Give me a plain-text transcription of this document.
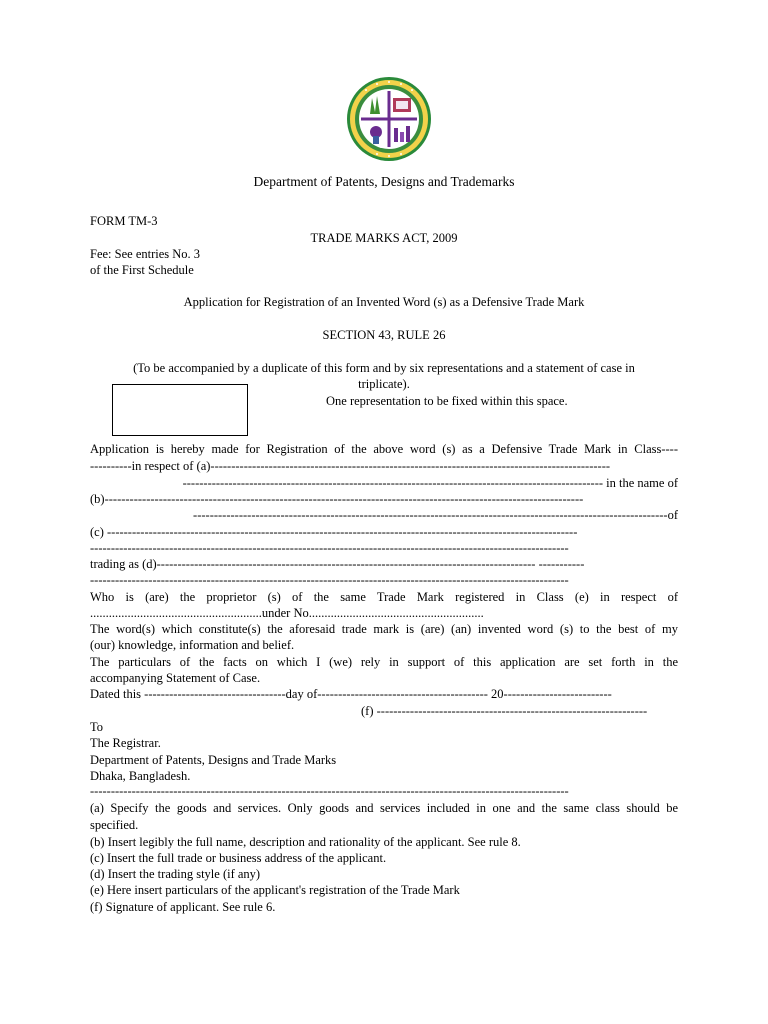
Department of Patents, Designs and Trademarks
FORM TM-3
TRADE MARKS ACT, 2009
Fee: See entries No. 3
of the First Schedule
Application for Registration of an Invented Word (s) as a Defensive Trade Mark
SECTION 43, RULE 26
(To be accompanied by a duplicate of this form and by six representations and a statement of case in
triplicate).
One representation to be fixed within this space.
Application is hereby made for Registration of the above word (s) as a Defensive Trade Mark in Class----
----------in respect of (a)------------------------------------------------------------------------------------------------
----------------------------------------------------------------------------------------------------- in the name of
(b)-------------------------------------------------------------------------------------------------------------------
------------------------------------------------------------------------------------------------------------------of
(c) -----------------------------------------------------------------------------------------------------------------
-------------------------------------------------------------------------------------------------------------------
trading as (d)------------------------------------------------------------------------------------------- -----------
-------------------------------------------------------------------------------------------------------------------
Who is (are) the proprietor (s) of the same Trade Mark registered in Class (e) in respect of
.......................................................under No........................................................
The word(s) which constitute(s) the aforesaid trade mark is (are) (an) invented word (s) to the best of my
(our) knowledge, information and belief.
The particulars of the facts on which I (we) rely in support of this application are set forth in the
accompanying Statement of Case.
Dated this ----------------------------------day of----------------------------------------- 20--------------------------
(f) -----------------------------------------------------------------
To
The Registrar.
Department of Patents, Designs and Trade Marks
Dhaka, Bangladesh.
-------------------------------------------------------------------------------------------------------------------
(a) Specify the goods and services. Only goods and services included in one and the same class should be
specified.
(b) Insert legibly the full name, description and rationality of the applicant. See rule 8.
(c) Insert the full trade or business address of the applicant.
(d) Insert the trading style (if any)
(e) Here insert particulars of the applicant's registration of the Trade Mark
(f) Signature of applicant. See rule 6.
